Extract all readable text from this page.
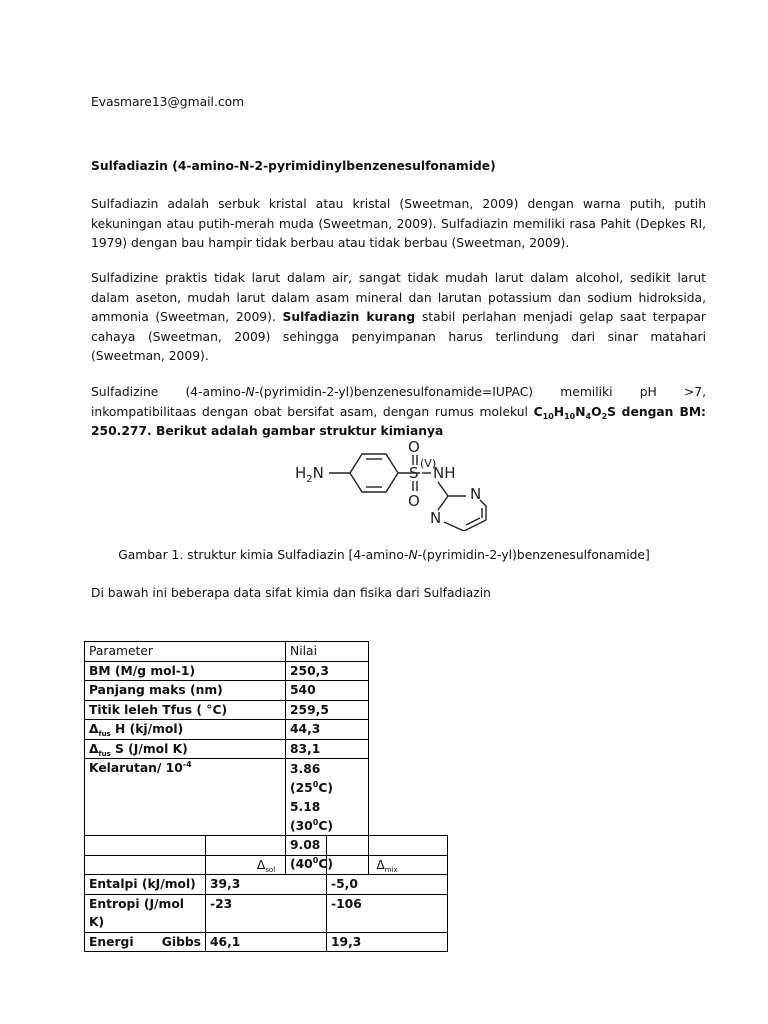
Evasmare13@gmail.com
Sulfadiazin (4-amino-N-2-pyrimidinylbenzenesulfonamide)

Sulfadiazin adalah serbuk kristal atau kristal (Sweetman, 2009) dengan warna putih, putih kekuningan atau putih-merah muda (Sweetman, 2009). Sulfadiazin memiliki rasa Pahit (Depkes RI, 1979) dengan bau hampir tidak berbau atau tidak berbau (Sweetman, 2009).

Sulfadizine praktis tidak larut dalam air, sangat tidak mudah larut dalam alcohol, sedikit larut dalam aseton, mudah larut dalam asam mineral dan larutan potassium dan sodium hidroksida, ammonia (Sweetman, 2009). Sulfadiazin kurang stabil perlahan menjadi gelap saat terpapar cahaya (Sweetman, 2009) sehingga penyimpanan harus terlindung dari sinar matahari (Sweetman, 2009).

Sulfadizine (4-amino-N-(pyrimidin-2-yl)benzenesulfonamide=IUPAC) memiliki pH >7, inkompatibilitaas dengan obat bersifat asam, dengan rumus molekul $C_{10}H_{10}N_4O_2S$ dengan BM: 250.277. Berikut adalah gambar struktur kimianya

$H_2N$
O
(V)
S
O
NH
N
N
Gambar 1. struktur kimia Sulfadiazin [4-amino-N-(pyrimidin-2-yl)benzenesulfonamide]
Di bawah ini beberapa data sifat kimia dan fisika dari Sulfadiazin
Parameter	Nilai
BM (M/g mol-1)	250,3
Panjang maks (nm)	540
Titik leleh Tfus ( °C)	259,5
$\Delta_{fus}$ H (kj/mol)	44,3
$\Delta_{fus}$ S (J/mol K)	83,1
Kelarutan/ $10^{-4}$	3.86 $(25^0C)$
5.18 $(30^0C)$
9.08 $(40^0C)$

	$\Delta_{sol}$	$\Delta_{mix}$
Entalpi (kJ/mol)	39,3	-5,0
Entropi (J/mol K)	-23	-106

Energi Gibbs	46,1	19,3
